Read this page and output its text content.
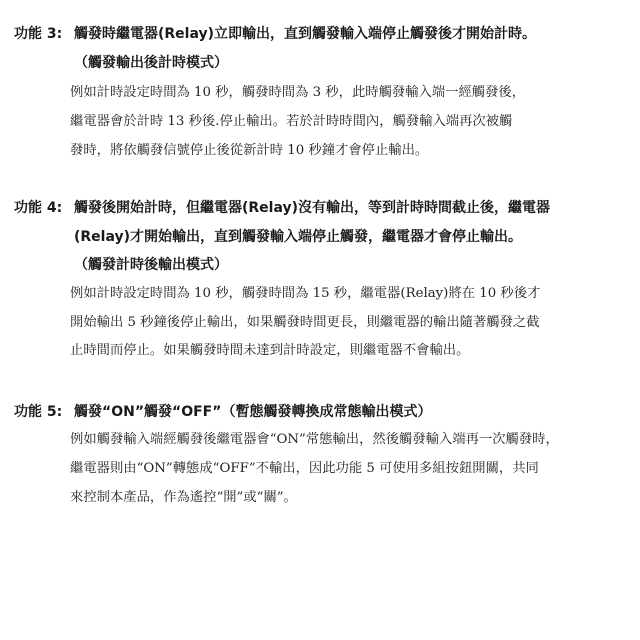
功能 3: 觸發時繼電器(Relay)立即輸出，直到觸發輸入端停止觸發後才開始計時。
（觸發輸出後計時模式）
例如計時設定時間為 10 秒，觸發時間為 3 秒，此時觸發輸入端一經觸發後，
繼電器會於計時 13 秒後.停止輸出。若於計時時間內，觸發輸入端再次被觸
發時，將依觸發信號停止後從新計時 10 秒鐘才會停止輸出。
功能 4: 觸發後開始計時，但繼電器(Relay)沒有輸出，等到計時時間截止後，繼電器
(Relay)才開始輸出，直到觸發輸入端停止觸發，繼電器才會停止輸出。
（觸發計時後輸出模式）
例如計時設定時間為 10 秒，觸發時間為 15 秒，繼電器(Relay)將在 10 秒後才
開始輸出 5 秒鐘後停止輸出，如果觸發時間更長，則繼電器的輸出隨著觸發之截
止時間而停止。如果觸發時間未達到計時設定，則繼電器不會輸出。
功能 5: 觸發“ON”觸發“OFF”（暫態觸發轉換成常態輸出模式）
例如觸發輸入端經觸發後繼電器會“ON”常態輸出，然後觸發輸入端再一次觸發時，
繼電器則由“ON”轉態成“OFF”不輸出，因此功能 5 可使用多組按鈕開關，共同
來控制本產品，作為遙控“開”或“關”。
